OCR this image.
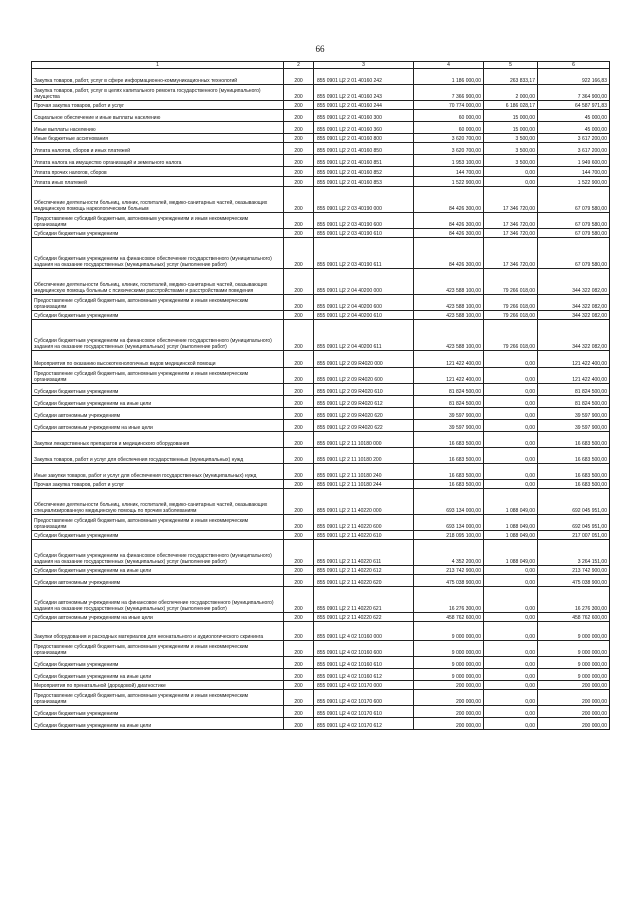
66
1	2	3	4	5	6
Закупка товаров, работ, услуг в сфере информационно-коммуникационных технологий	200	855 0901 Ц2 2 01 40160 242	1 186 000,00	263 833,17	922 166,83
Закупка товаров, работ, услуг в целях капитального ремонта государственного (муниципального) имущества	200	855 0901 Ц2 2 01 40160 243	7 366 900,00	2 000,00	7 364 900,00
Прочая закупка товаров, работ и услуг	200	855 0901 Ц2 2 01 40160 244	70 774 000,00	6 186 028,17	64 587 971,83
Социальное обеспечение и иные выплаты населению	200	855 0901 Ц2 2 01 40160 300	60 000,00	15 000,00	45 000,00
Иные выплаты населению	200	855 0901 Ц2 2 01 40160 360	60 000,00	15 000,00	45 000,00
Иные бюджетные ассигнования	200	855 0901 Ц2 2 01 40160 800	3 620 700,00	3 500,00	3 617 200,00
Уплата налогов, сборов и иных платежей	200	855 0901 Ц2 2 01 40160 850	3 620 700,00	3 500,00	3 617 200,00
Уплата налога на имущество организаций и земельного налога	200	855 0901 Ц2 2 01 40160 851	1 953 100,00	3 500,00	1 949 600,00
Уплата прочих налогов, сборов	200	855 0901 Ц2 2 01 40160 852	144 700,00	0,00	144 700,00
Уплата иных платежей	200	855 0901 Ц2 2 01 40160 853	1 522 900,00	0,00	1 522 900,00
Обеспечение деятельности больниц, клиник, госпиталей, медико-санитарных частей, оказывающих медицинскую помощь наркологическим больным	200	855 0901 Ц2 2 03 40190 000	84 426 300,00	17 346 720,00	67 079 580,00
Предоставление субсидий бюджетным, автономным учреждениям и иным некоммерческим организациям	200	855 0901 Ц2 2 03 40190 600	84 426 300,00	17 346 720,00	67 079 580,00
Субсидии бюджетным учреждениям	200	855 0901 Ц2 2 03 40190 610	84 426 300,00	17 346 720,00	67 079 580,00
Субсидии бюджетным учреждениям на финансовое обеспечение государственного (муниципального) задания на оказание государственных (муниципальных) услуг (выполнение работ)	200	855 0901 Ц2 2 03 40190 611	84 426 300,00	17 346 720,00	67 079 580,00
Обеспечение деятельности больниц, клиник, госпиталей, медико-санитарных частей, оказывающих медицинскую помощь больным с психическими расстройствами и расстройствами поведения	200	855 0901 Ц2 2 04 40200 000	423 588 100,00	79 266 018,00	344 322 082,00
Предоставление субсидий бюджетным, автономным учреждениям и иным некоммерческим организациям	200	855 0901 Ц2 2 04 40200 600	423 588 100,00	79 266 018,00	344 322 082,00
Субсидии бюджетным учреждениям	200	855 0901 Ц2 2 04 40200 610	423 588 100,00	79 266 018,00	344 322 082,00
Субсидии бюджетным учреждениям на финансовое обеспечение государственного (муниципального) задания на оказание государственных (муниципальных) услуг (выполнение работ)	200	855 0901 Ц2 2 04 40200 611	423 588 100,00	79 266 018,00	344 322 082,00
Мероприятия по оказанию высокотехнологичных видов медицинской помощи	200	855 0901 Ц2 2 09 R4020 000	121 422 400,00	0,00	121 422 400,00
Предоставление субсидий бюджетным, автономным учреждениям и иным некоммерческим организациям	200	855 0901 Ц2 2 09 R4020 600	121 422 400,00	0,00	121 422 400,00
Субсидии бюджетным учреждениям	200	855 0901 Ц2 2 09 R4020 610	81 824 500,00	0,00	81 824 500,00
Субсидии бюджетным учреждениям на иные цели	200	855 0901 Ц2 2 09 R4020 612	81 824 500,00	0,00	81 824 500,00
Субсидии автономным учреждениям	200	855 0901 Ц2 2 09 R4020 620	39 597 900,00	0,00	39 597 900,00
Субсидии автономным учреждениям на иные цели	200	855 0901 Ц2 2 09 R4020 622	39 597 900,00	0,00	39 597 900,00
Закупки лекарственных препаратов и медицинского оборудования	200	855 0901 Ц2 2 11 10180 000	16 683 500,00	0,00	16 683 500,00
Закупка товаров, работ и услуг для обеспечения государственных (муниципальных) нужд	200	855 0901 Ц2 2 11 10180 200	16 683 500,00	0,00	16 683 500,00
Иные закупки товаров, работ и услуг для обеспечения государственных (муниципальных) нужд	200	855 0901 Ц2 2 11 10180 240	16 683 500,00	0,00	16 683 500,00
Прочая закупка товаров, работ и услуг	200	855 0901 Ц2 2 11 10180 244	16 683 500,00	0,00	16 683 500,00
Обеспечение деятельности больниц, клиник, госпиталей, медико-санитарных частей, оказывающих специализированную медицинскую помощь по прочим заболеваниям	200	855 0901 Ц2 2 11 40220 000	693 134 000,00	1 088 049,00	692 045 951,00
Предоставление субсидий бюджетным, автономным учреждениям и иным некоммерческим организациям	200	855 0901 Ц2 2 11 40220 600	693 134 000,00	1 088 049,00	692 045 951,00
Субсидии бюджетным учреждениям	200	855 0901 Ц2 2 11 40220 610	218 095 100,00	1 088 049,00	217 007 051,00
Субсидии бюджетным учреждениям на финансовое обеспечение государственного (муниципального) задания на оказание государственных (муниципальных) услуг (выполнение работ)	200	855 0901 Ц2 2 11 40220 611	4 352 200,00	1 088 049,00	3 264 151,00
Субсидии бюджетным учреждениям на иные цели	200	855 0901 Ц2 2 11 40220 612	213 742 900,00	0,00	213 742 900,00
Субсидии автономным учреждениям	200	855 0901 Ц2 2 11 40220 620	475 038 900,00	0,00	475 038 900,00
Субсидии автономным учреждениям на финансовое обеспечение государственного (муниципального) задания на оказание государственных (муниципальных) услуг (выполнение работ)	200	855 0901 Ц2 2 11 40220 621	16 276 300,00	0,00	16 276 300,00
Субсидии автономным учреждениям на иные цели	200	855 0901 Ц2 2 11 40220 622	458 762 600,00	0,00	458 762 600,00
Закупки оборудования и расходных материалов для неонатального и аудиологического скрининга	200	855 0901 Ц2 4 02 10160 000	9 000 000,00	0,00	9 000 000,00
Предоставление субсидий бюджетным, автономным учреждениям и иным некоммерческим организациям	200	855 0901 Ц2 4 02 10160 600	9 000 000,00	0,00	9 000 000,00
Субсидии бюджетным учреждениям	200	855 0901 Ц2 4 02 10160 610	9 000 000,00	0,00	9 000 000,00
Субсидии бюджетным учреждениям на иные цели	200	855 0901 Ц2 4 02 10160 612	9 000 000,00	0,00	9 000 000,00
Мероприятия по пренатальной (дородовой) диагностике	200	855 0901 Ц2 4 02 10170 000	200 000,00	0,00	200 000,00
Предоставление субсидий бюджетным, автономным учреждениям и иным некоммерческим организациям	200	855 0901 Ц2 4 02 10170 600	200 000,00	0,00	200 000,00
Субсидии бюджетным учреждениям	200	855 0901 Ц2 4 02 10170 610	200 000,00	0,00	200 000,00
Субсидии бюджетным учреждениям на иные цели	200	855 0901 Ц2 4 02 10170 612	200 000,00	0,00	200 000,00
